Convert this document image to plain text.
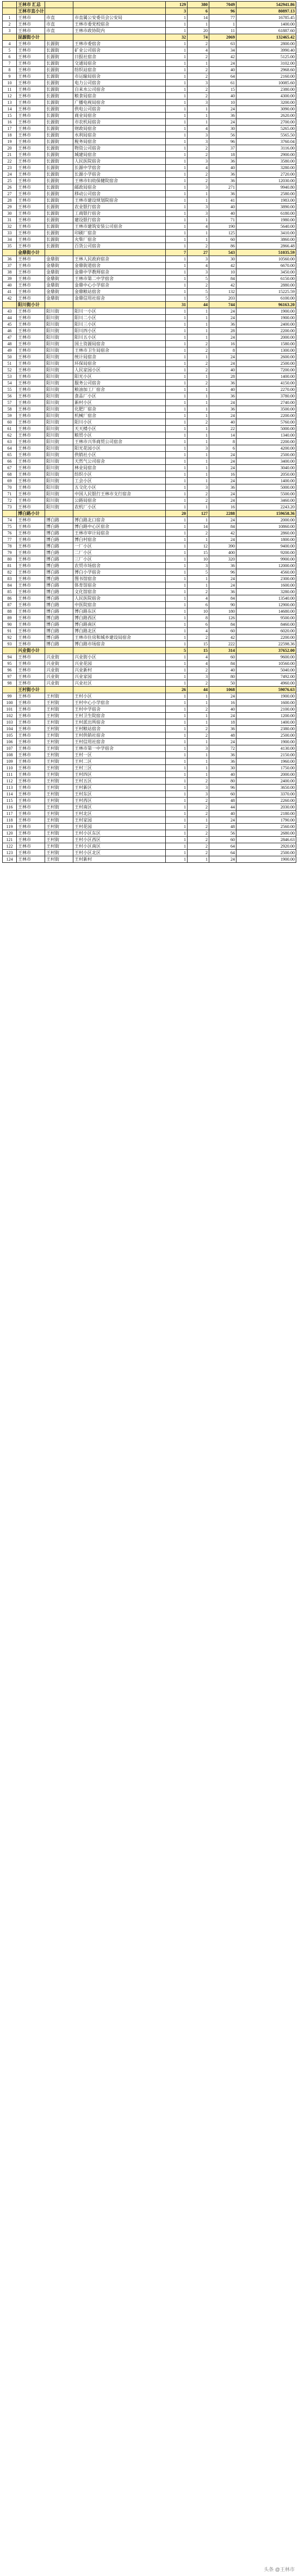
	王林市 汇总			129	380	7049	542941.86
	王林市直小计			3	6	96	80897.13
1	王林市	市直	市直属公安委员会公安局	1	14	77	16785.45
2	王林市	市直	王林市委党校宿舍	1	1	1	1400.00
3	王林市	市直	王林市政协院内	1	20	11	61887.60
	昆源街小计			32	74	2069	132465.42
4	王林市	长源街	王林市委宿舍	1	2	63	2800.00
5	王林市	长源街	矿业公司宿舍	1	4	34	3990.40
6	王林市	长源街	日报社宿舍	1	2	42	5125.00
7	王林市	长源街	交通局宿舍	1	1	24	3102.00
8	王林市	长源街	纺织站宿舍	1	2	40	2968.60
9	王林市	长源街	市运输局宿舍	1	2	64	2160.00
10	王林市	长源街	电力公司宿舍	1	3	61	10085.60
11	王林市	长源街	自来水公司宿舍	1	2	15	2380.00
12	王林市	长源街	粮食局宿舍	1	2	40	4300.00
13	王林市	长源街	广播电视局宿舍	1	3	10	3200.00
14	王林市	长源街	供电公司宿舍	1	1	24	3090.00
15	王林市	长源街	商业局宿舍	1	1	36	2620.00
16	王林市	长源街	市农机局宿舍	1	1	24	2700.00
17	王林市	长源街	财政局宿舍	1	4	30	5265.00
18	王林市	长源街	水利局宿舍	1	3	56	5565.50
19	王林市	长源街	税务局宿舍	1	3	96	3760.04
20	王林市	长源街	物资公司宿舍	1	2	37	3116.00
21	王林市	长源街	城建局宿舍	1	2	18	2900.00
22	王林市	长源街	人民医院宿舍	1	3	36	3580.00
23	王林市	长源街	长源中学宿舍	1	4	40	3280.00
24	王林市	长源街	长源小学宿舍	1	2	36	2720.00
25	王林市	长源街	王林市妇幼保健院宿舍	1	2	36	12030.00
26	王林市	长源街	邮政局宿舍	1	3	271	9940.80
27	王林市	长源街	移动公司宿舍	1	1	36	2580.00
28	王林市	长源街	王林市建设规划院宿舍	1	1	41	1983.00
29	王林市	长源街	农业银行宿舍	1	3	40	3890.00
30	王林市	长源街	工商银行宿舍	1	3	40	6180.00
31	王林市	长源街	建设银行宿舍	1	1	71	1980.00
32	王林市	长源街	王林市建筑安装公司宿舍	1	4	190	5640.00
33	王林市	长源街	印刷厂宿舍	1	1	125	3410.00
34	王林市	长源街	火柴厂宿舍	1	1	60	3860.00
35	王林市	长源街	百货公司宿舍	1	2	86	2866.48
	金鼎街小计			7	27	543	51035.59
36	王林市	金鼎街	王林人民政府宿舍	1	3	30	10560.00
37	王林市	金鼎街	金鼎街道宿舍	1	4	42	6670.00
38	王林市	金鼎街	金鼎中学教师宿舍	1	3	10	3450.00
39	王林市	金鼎街	王林市第二中学宿舍	1	5	84	6150.00
40	王林市	金鼎街	金鼎中心小学宿舍	1	2	42	2880.00
41	王林市	金鼎街	金鼎粮站宿舍	1	5	132	15225.59
42	王林市	金鼎街	金鼎信用社宿舍	1	5	203	6100.00
	阳川街小计			31	44	744	96163.20
43	王林市	阳川街	阳川一小区	1	1	24	1900.00
44	王林市	阳川街	阳川二小区	1	1	24	1900.00
45	王林市	阳川街	阳川三小区	1	1	36	2400.00
46	王林市	阳川街	阳川四小区	1	1	28	2200.00
47	王林市	阳川街	阳川五小区	1	1	24	2000.00
48	王林市	阳川街	国土资源局宿舍	1	2	16	1580.00
49	王林市	阳川街	王林市卫生局宿舍	1	2	8	1300.00
50	王林市	阳川街	统计局宿舍	1	1	24	2600.00
51	王林市	阳川街	环保局宿舍	1	2	24	2500.00
52	王林市	阳川街	人民家园小区	1	2	40	7200.00
53	王林市	阳川街	阳光小区	1	1	28	1400.00
54	王林市	阳川街	服务公司宿舍	1	2	36	4150.00
55	王林市	阳川街	粮油加工厂宿舍	1	1	40	2270.00
56	王林市	阳川街	食品厂小区	1	1	36	3780.00
57	王林市	阳川街	新村小区	1	1	24	2740.00
58	王林市	阳川街	化肥厂宿舍	1	1	36	3500.00
59	王林市	阳川街	机械厂宿舍	1	1	24	2200.00
60	王林市	阳川街	阳川小区	1	2	40	5760.00
61	王林市	阳川街	天天楼小区	1	1	22	5000.00
62	王林市	阳川街	粮贸小区	1	1	14	1340.00
63	王林市	阳川街	王林市兴华商贸公司宿舍	1	1	8	2200.00
64	王林市	阳川街	阳光花园小区	1	3	6	4200.00
65	王林市	阳川街	供销社小区	1	1	24	2500.00
66	王林市	阳川街	天然气公司宿舍	1	1	24	3400.00
67	王林市	阳川街	林业局宿舍	1	1	24	3040.00
68	王林市	阳川街	纺织小区	1	1	16	2050.00
69	王林市	阳川街	工会小区	1	1	24	1400.00
70	王林市	阳川街	五交化小区	1	3	36	5000.00
71	王林市	阳川街	中国人民银行王林市支行宿舍	1	2	24	5500.00
72	王林市	阳川街	公路局宿舍	1	2	24	3460.00
73	王林市	阳川街	农机厂小区	1	1	16	2243.20
	博白路小计			20	127	2288	159658.36
74	王林市	博白路	博白路北口宿舍	1	1	24	2000.00
75	王林市	博白路	博白路中心区宿舍	1	14	84	10860.00
76	王林市	博白路	王林市审计局宿舍	1	2	42	2860.00
77	王林市	博白路	博白村宿舍	1	1	24	1800.00
78	王林市	博白路	一厂小区	1	12	390	9400.00
79	王林市	博白路	二厂小区	1	15	400	9200.00
80	王林市	博白路	三厂小区	1	10	320	9900.00
81	王林市	博白路	农贸市场宿舍	1	3	36	12000.00
82	王林市	博白路	博白小学宿舍	1	5	96	4560.00
83	王林市	博白路	图书馆宿舍	1	1	24	2300.00
84	王林市	博白路	体育馆宿舍	1	1	24	1600.00
85	王林市	博白路	文化馆宿舍	1	2	36	3280.00
86	王林市	博白路	人民医院宿舍	1	4	84	13540.00
87	王林市	博白路	中医院宿舍	1	6	90	12900.00
88	王林市	博白路	博白路东区	1	10	180	14680.00
89	王林市	博白路	博白路西区	1	8	126	9500.00
90	王林市	博白路	博白路南区	1	6	84	8460.00
91	王林市	博白路	博白路北区	1	4	60	6020.00
92	王林市	博白路	王林市住房和城乡建设局宿舍	1	2	42	2200.00
93	王林市	博白路	博白路市场宿舍	1	15	222	22598.36
	兴业街小计			5	15	314	37652.00
94	王林市	兴业街	兴业街小区	1	4	60	9600.00
95	王林市	兴业街	兴业花园	1	4	84	10560.00
96	王林市	兴业街	兴业新村	1	2	40	5040.00
97	王林市	兴业街	兴业家园	1	3	80	7492.00
98	王林市	兴业街	兴业社区	1	2	50	4960.00
	王村街小计			26	44	1068	59076.63
99	王林市	王村街	王村小区	1	1	24	1900.00
100	王林市	王村街	王村中心小学宿舍	1	1	16	1600.00
101	王林市	王村街	王村中学宿舍	1	2	40	2100.00
102	王林市	王村街	王村卫生院宿舍	1	1	24	1200.00
103	王林市	王村街	王村派出所宿舍	1	1	18	1400.00
104	王林市	王村街	王村粮站宿舍	1	2	36	2380.00
105	王林市	王村街	王村供销社宿舍	1	2	48	2500.00
106	王林市	王村街	王村信用社宿舍	1	1	24	1900.00
107	王林市	王村街	王林市第一中学宿舍	1	3	72	4130.00
108	王林市	王村街	王村一区	1	1	36	2150.00
109	王林市	王村街	王村二区	1	1	36	1960.00
110	王林市	王村街	王村三区	1	1	30	1750.00
111	王林市	王村街	王村四区	1	1	40	2000.00
112	王林市	王村街	王村五区	1	2	80	2400.00
113	王林市	王村街	王村新区	1	3	96	3650.00
114	王林市	王村街	王村东区	1	3	60	3370.00
115	王林市	王村街	王村西区	1	2	48	2260.00
116	王林市	王村街	王村南区	1	2	44	2030.00
117	王林市	王村街	王村北区	1	2	40	2180.00
118	王林市	王村街	王村家园	1	1	24	1790.00
119	王林市	王村街	王村花园	1	2	48	2560.00
120	王林市	王村街	王村小区东区	1	2	56	2680.00
121	王林市	王村街	王村小区西区	1	2	60	2846.63
122	王林市	王村街	王村小区南区	1	2	64	2920.00
123	王林市	王村街	王村小区北区	1	2	64	2500.00
124	王林市	王村街	王村新村	1	1	24	1900.00
头条 @王林市
